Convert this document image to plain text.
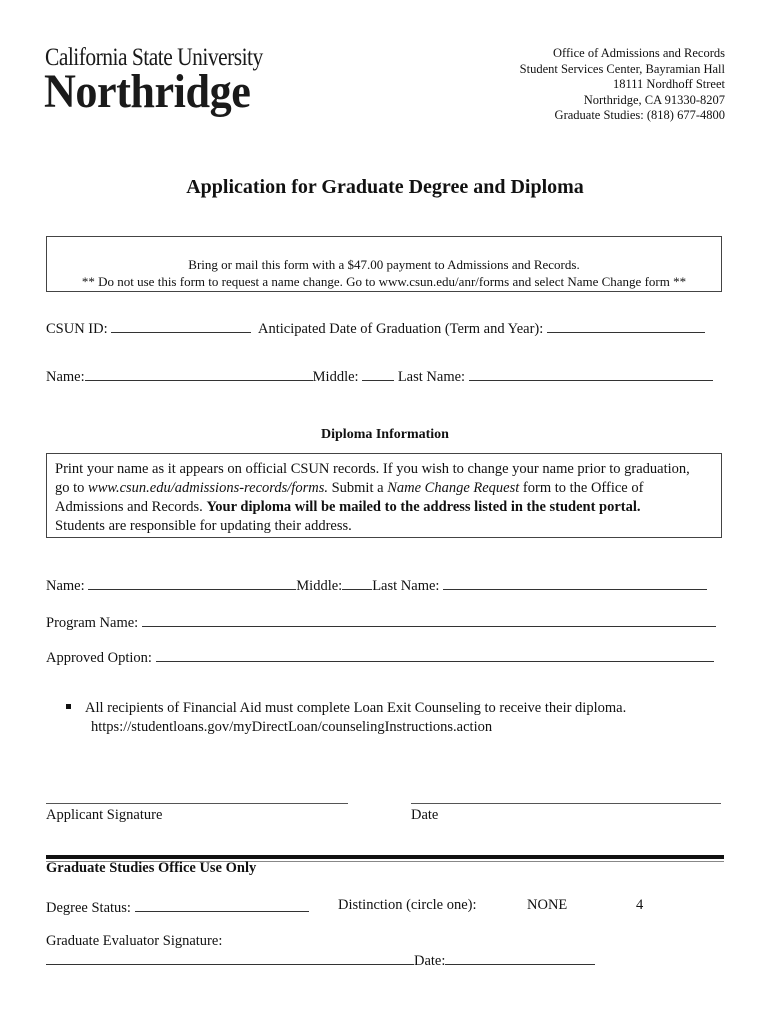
California State University
Northridge
Office of Admissions and Records
Student Services Center, Bayramian Hall
18111 Nordhoff Street
Northridge, CA 91330-8207
Graduate Studies: (818) 677-4800
Application for Graduate Degree and Diploma
Bring or mail this form with a $47.00 payment to Admissions and Records.
** Do not use this form to request a name change. Go to www.csun.edu/anr/forms and select Name Change form **
CSUN ID:	Anticipated Date of Graduation (Term and Year):
Name:	Middle:	Last Name:
Diploma Information

Print your name as it appears on official CSUN records. If you wish to change your name prior to graduation,

go to www.csun.edu/admissions-records/forms. Submit a Name Change Request form to the Office of

Admissions and Records. Your diploma will be mailed to the address listed in the student portal.

Students are responsible for updating their address.

Name:	Middle: Last Name:
Program Name:
Approved Option:
All recipients of Financial Aid must complete Loan Exit Counseling to receive their diploma.
https://studentloans.gov/myDirectLoan/counselingInstructions.action
Applicant Signature	Date
Graduate Studies Office Use Only
Degree Status:	Distinction (circle one):	NONE	4
Graduate Evaluator Signature:
Date:
